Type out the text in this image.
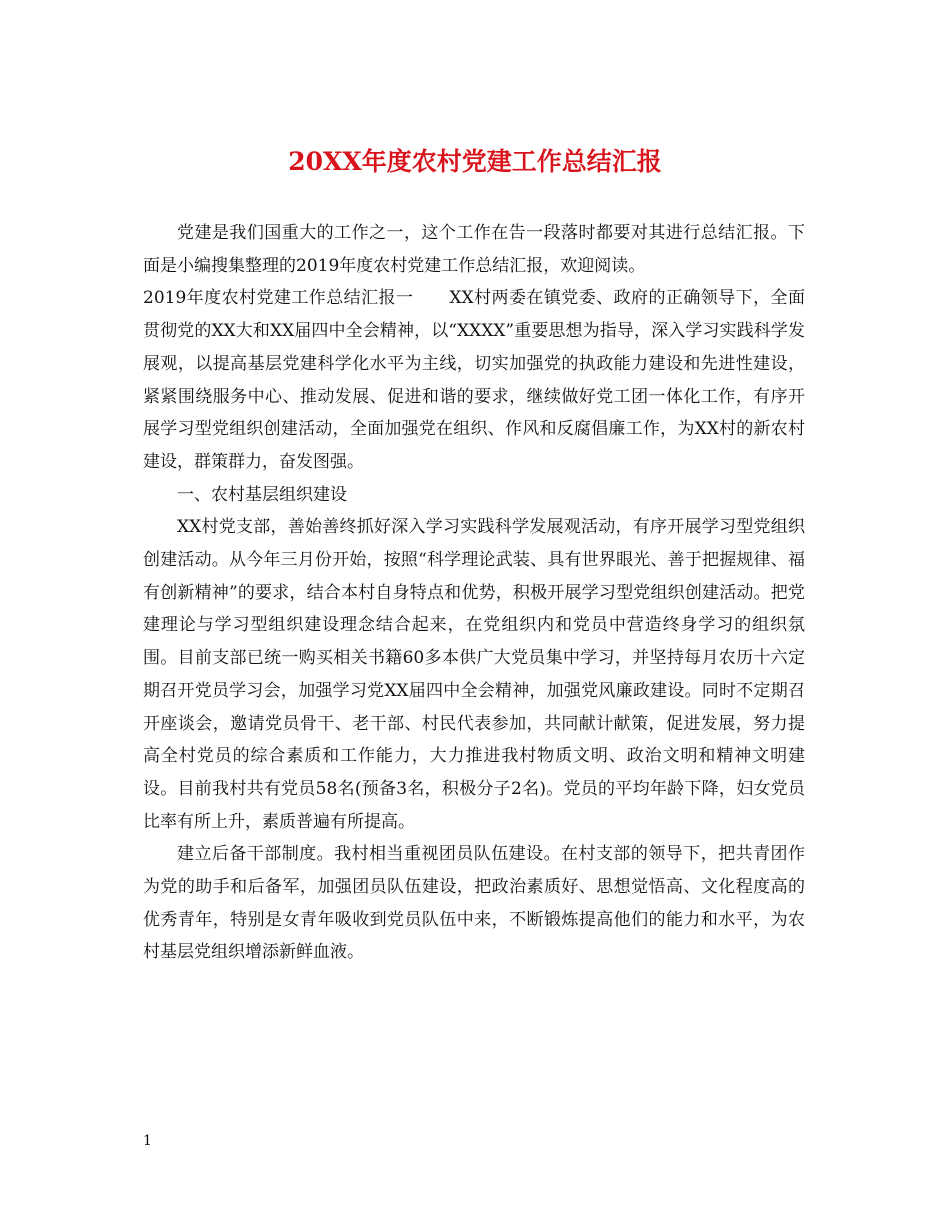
20XX年度农村党建工作总结汇报

党建是我们国重大的工作之一，这个工作在告一段落时都要对其进行总结汇报。下面是小编搜集整理的2019年度农村党建工作总结汇报，欢迎阅读。

2019年度农村党建工作总结汇报一 XX村两委在镇党委、政府的正确领导下，全面贯彻党的XX大和XX届四中全会精神，以“XXXX”重要思想为指导，深入学习实践科学发展观，以提高基层党建科学化水平为主线，切实加强党的执政能力建设和先进性建设，紧紧围绕服务中心、推动发展、促进和谐的要求，继续做好党工团一体化工作，有序开展学习型党组织创建活动，全面加强党在组织、作风和反腐倡廉工作，为XX村的新农村建设，群策群力，奋发图强。

一、农村基层组织建设

XX村党支部，善始善终抓好深入学习实践科学发展观活动，有序开展学习型党组织创建活动。从今年三月份开始，按照“科学理论武装、具有世界眼光、善于把握规律、福有创新精神”的要求，结合本村自身特点和优势，积极开展学习型党组织创建活动。把党建理论与学习型组织建设理念结合起来，在党组织内和党员中营造终身学习的组织氛围。目前支部已统一购买相关书籍60多本供广大党员集中学习，并坚持每月农历十六定期召开党员学习会，加强学习党XX届四中全会精神，加强党风廉政建设。同时不定期召开座谈会，邀请党员骨干、老干部、村民代表参加，共同献计献策，促进发展，努力提高全村党员的综合素质和工作能力，大力推进我村物质文明、政治文明和精神文明建设。目前我村共有党员58名(预备3名，积极分子2名)。党员的平均年龄下降，妇女党员比率有所上升，素质普遍有所提高。

建立后备干部制度。我村相当重视团员队伍建设。在村支部的领导下，把共青团作为党的助手和后备军，加强团员队伍建设，把政治素质好、思想觉悟高、文化程度高的优秀青年，特别是女青年吸收到党员队伍中来，不断锻炼提高他们的能力和水平，为农村基层党组织增添新鲜血液。

1
